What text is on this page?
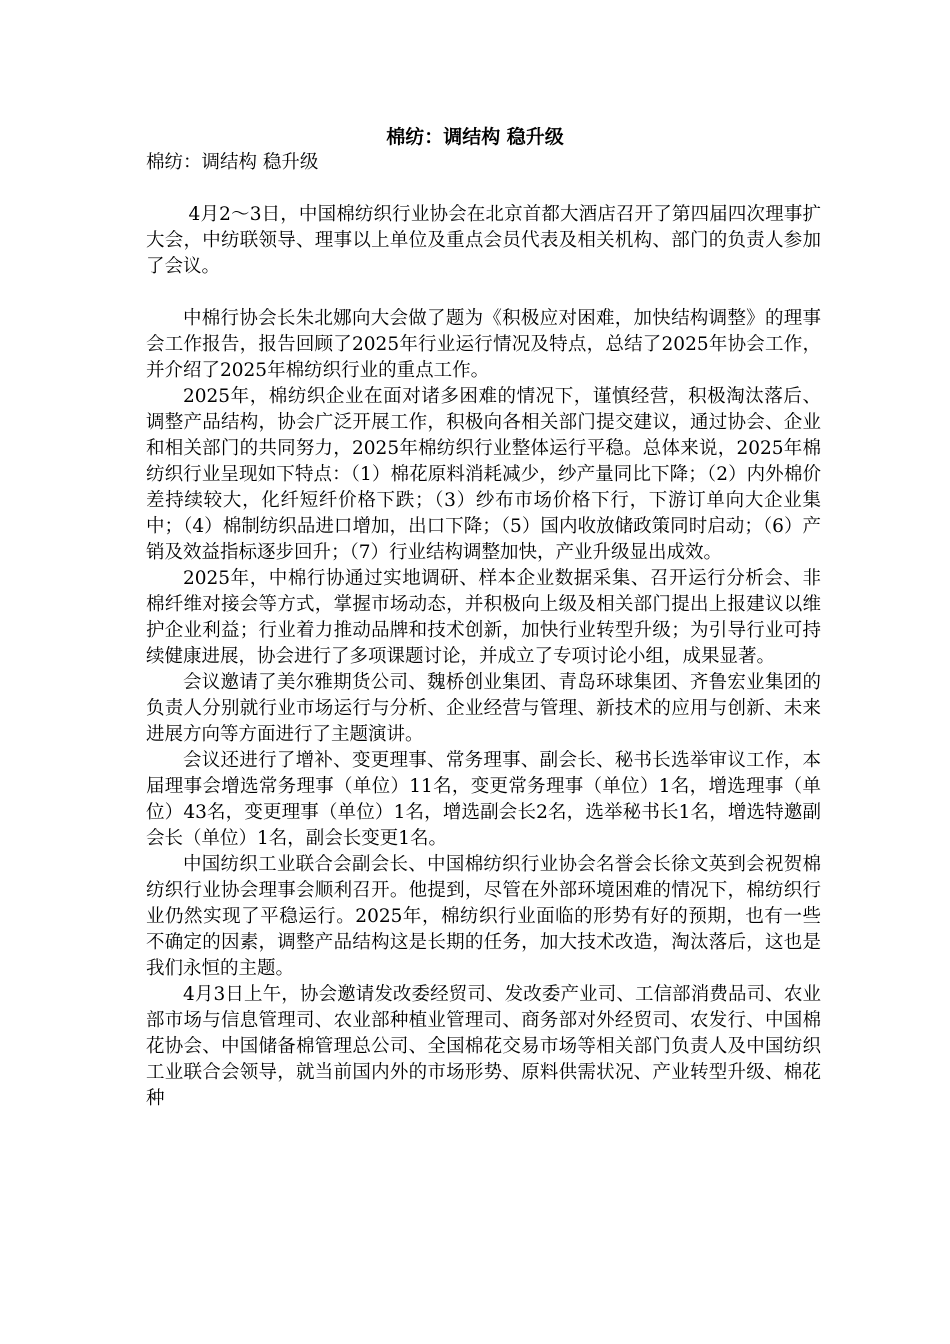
棉纺：调结构 稳升级
棉纺：调结构 稳升级

4月2～3日，中国棉纺织行业协会在北京首都大酒店召开了第四届四次理事扩大会，中纺联领导、理事以上单位及重点会员代表及相关机构、部门的负责人参加了会议。

中棉行协会长朱北娜向大会做了题为《积极应对困难，加快结构调整》的理事会工作报告，报告回顾了2025年行业运行情况及特点，总结了2025年协会工作，并介绍了2025年棉纺织行业的重点工作。

2025年，棉纺织企业在面对诸多困难的情况下，谨慎经营，积极淘汰落后、调整产品结构，协会广泛开展工作，积极向各相关部门提交建议，通过协会、企业和相关部门的共同努力，2025年棉纺织行业整体运行平稳。总体来说，2025年棉纺织行业呈现如下特点：（1）棉花原料消耗减少，纱产量同比下降；（2）内外棉价差持续较大，化纤短纤价格下跌；（3）纱布市场价格下行，下游订单向大企业集中；（4）棉制纺织品进口增加，出口下降；（5）国内收放储政策同时启动；（6）产销及效益指标逐步回升；（7）行业结构调整加快，产业升级显出成效。

2025年，中棉行协通过实地调研、样本企业数据采集、召开运行分析会、非棉纤维对接会等方式，掌握市场动态，并积极向上级及相关部门提出上报建议以维护企业利益；行业着力推动品牌和技术创新，加快行业转型升级；为引导行业可持续健康进展，协会进行了多项课题讨论，并成立了专项讨论小组，成果显著。

会议邀请了美尔雅期货公司、魏桥创业集团、青岛环球集团、齐鲁宏业集团的负责人分别就行业市场运行与分析、企业经营与管理、新技术的应用与创新、未来进展方向等方面进行了主题演讲。

会议还进行了增补、变更理事、常务理事、副会长、秘书长选举审议工作，本届理事会增选常务理事（单位）11名，变更常务理事（单位）1名，增选理事（单位）43名，变更理事（单位）1名，增选副会长2名，选举秘书长1名，增选特邀副会长（单位）1名，副会长变更1名。

中国纺织工业联合会副会长、中国棉纺织行业协会名誉会长徐文英到会祝贺棉纺织行业协会理事会顺利召开。他提到，尽管在外部环境困难的情况下，棉纺织行业仍然实现了平稳运行。2025年，棉纺织行业面临的形势有好的预期，也有一些不确定的因素，调整产品结构这是长期的任务，加大技术改造，淘汰落后，这也是我们永恒的主题。

4月3日上午，协会邀请发改委经贸司、发改委产业司、工信部消费品司、农业部市场与信息管理司、农业部种植业管理司、商务部对外经贸司、农发行、中国棉花协会、中国储备棉管理总公司、全国棉花交易市场等相关部门负责人及中国纺织工业联合会领导，就当前国内外的市场形势、原料供需状况、产业转型升级、棉花种
